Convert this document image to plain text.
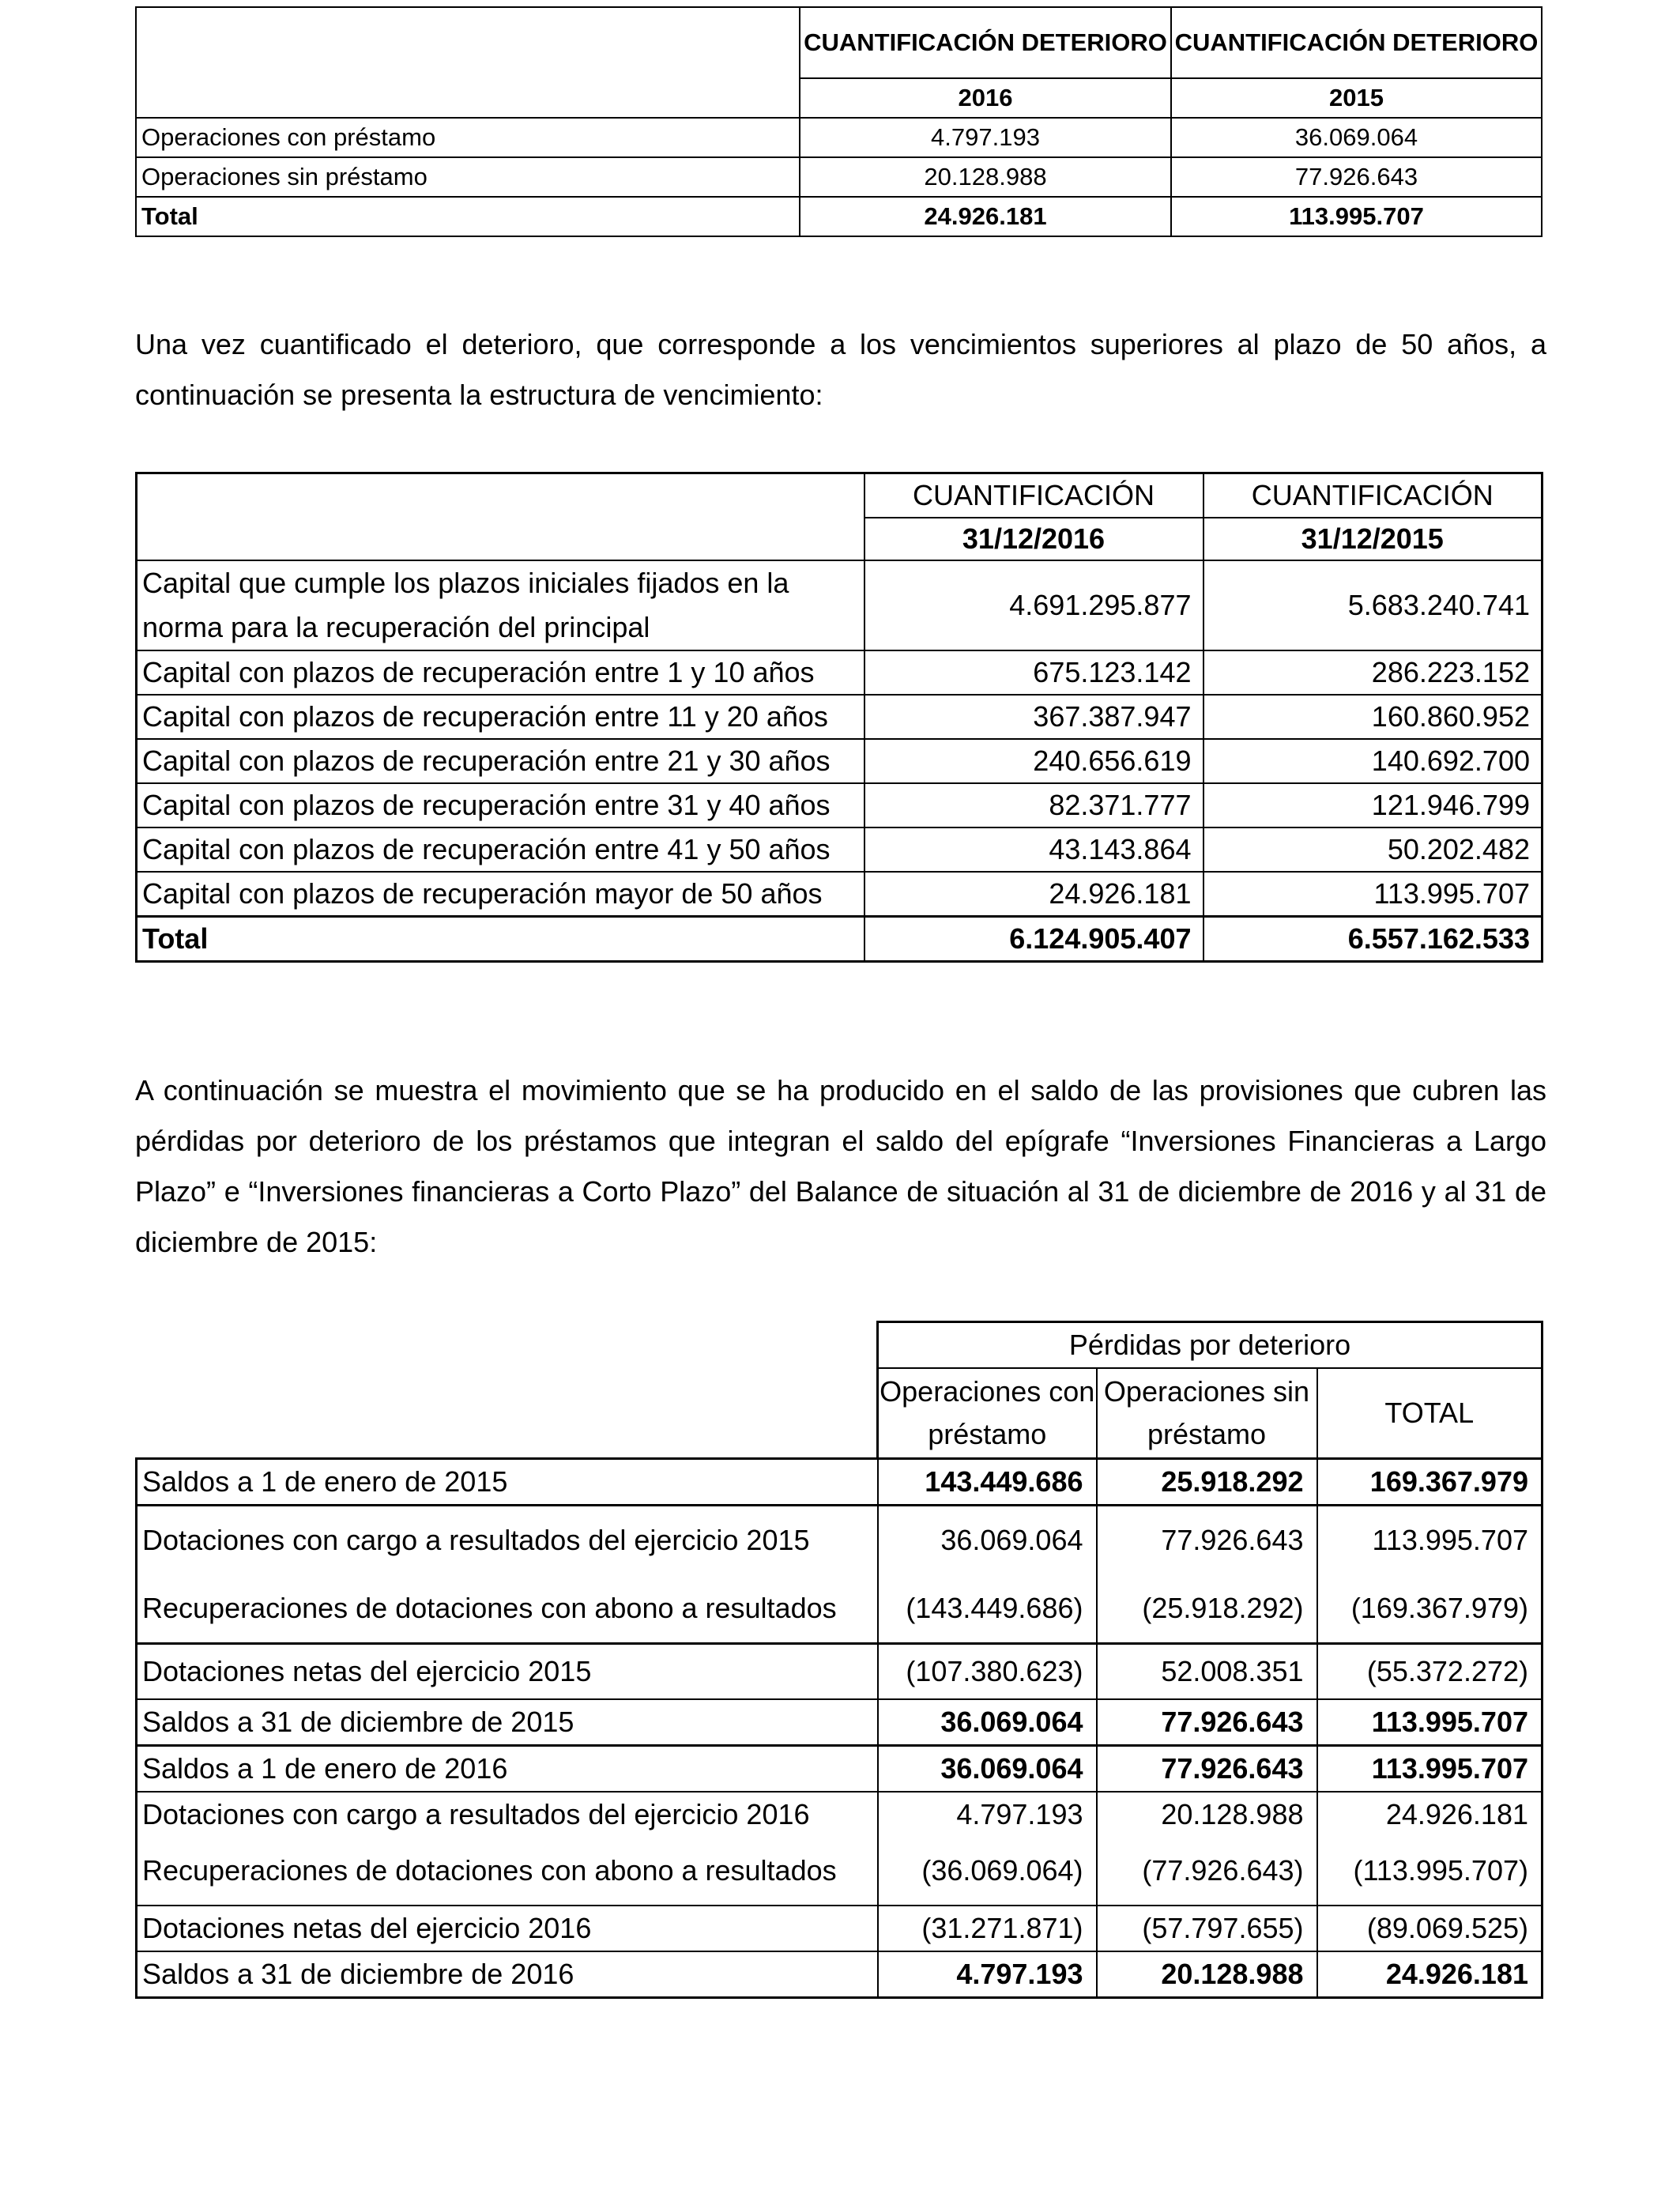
	CUANTIFICACIÓN DETERIORO	CUANTIFICACIÓN DETERIORO
	2016	2015
Operaciones con préstamo	4.797.193	36.069.064
Operaciones sin préstamo	20.128.988	77.926.643
Total	24.926.181	113.995.707
Una vez cuantificado el deterioro, que corresponde a los vencimientos superiores al plazo de 50 años, a continuación se presenta la estructura de vencimiento:
	CUANTIFICACIÓN	CUANTIFICACIÓN
	31/12/2016	31/12/2015
Capital que cumple los plazos iniciales fijados en la norma para la recuperación del principal	4.691.295.877	5.683.240.741
Capital con plazos de recuperación entre 1 y 10 años	675.123.142	286.223.152
Capital con plazos de recuperación entre 11 y 20 años	367.387.947	160.860.952
Capital con plazos de recuperación entre 21 y 30 años	240.656.619	140.692.700
Capital con plazos de recuperación entre 31 y 40 años	82.371.777	121.946.799
Capital con plazos de recuperación entre 41 y 50 años	43.143.864	50.202.482
Capital con plazos de recuperación mayor de 50 años	24.926.181	113.995.707
Total	6.124.905.407	6.557.162.533
A continuación se muestra el movimiento que se ha producido en el saldo de las provisiones que cubren las pérdidas por deterioro de los préstamos que integran el saldo del epígrafe “Inversiones Financieras a Largo Plazo” e “Inversiones financieras a Corto Plazo” del Balance de situación al 31 de diciembre de 2016 y al 31 de diciembre de 2015:
	Pérdidas por deterioro		
	Operaciones con préstamo	Operaciones sin préstamo	TOTAL
Saldos a 1 de enero de 2015	143.449.686	25.918.292	169.367.979
Dotaciones con cargo a resultados del ejercicio 2015	36.069.064	77.926.643	113.995.707
Recuperaciones de dotaciones con abono a resultados	(143.449.686)	(25.918.292)	(169.367.979)
Dotaciones netas del ejercicio 2015	(107.380.623)	52.008.351	(55.372.272)
Saldos a 31 de diciembre de 2015	36.069.064	77.926.643	113.995.707
Saldos a 1 de enero de 2016	36.069.064	77.926.643	113.995.707
Dotaciones con cargo a resultados del ejercicio 2016	4.797.193	20.128.988	24.926.181
Recuperaciones de dotaciones con abono a resultados	(36.069.064)	(77.926.643)	(113.995.707)
Dotaciones netas del ejercicio 2016	(31.271.871)	(57.797.655)	(89.069.525)
Saldos a 31 de diciembre de 2016	4.797.193	20.128.988	24.926.181
